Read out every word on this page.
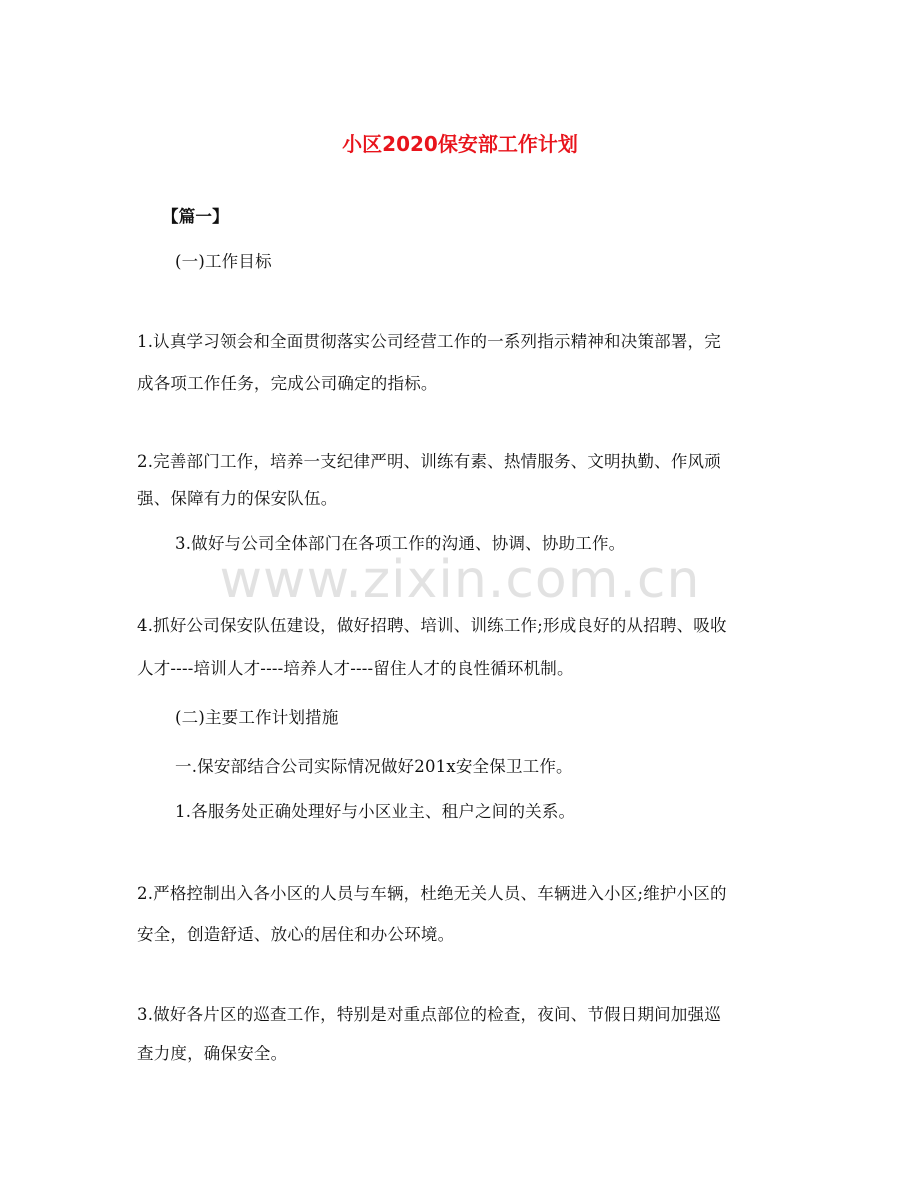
小区2020保安部工作计划
【篇一】
(一)工作目标
1.认真学习领会和全面贯彻落实公司经营工作的一系列指示精神和决策部署，完
成各项工作任务，完成公司确定的指标。
2.完善部门工作，培养一支纪律严明、训练有素、热情服务、文明执勤、作风顽
强、保障有力的保安队伍。
3.做好与公司全体部门在各项工作的沟通、协调、协助工作。
www.zixin.com.cn
4.抓好公司保安队伍建设，做好招聘、培训、训练工作;形成良好的从招聘、吸收
人才----培训人才----培养人才----留住人才的良性循环机制。
(二)主要工作计划措施
一.保安部结合公司实际情况做好201x安全保卫工作。
1.各服务处正确处理好与小区业主、租户之间的关系。
2.严格控制出入各小区的人员与车辆，杜绝无关人员、车辆进入小区;维护小区的
安全，创造舒适、放心的居住和办公环境。
3.做好各片区的巡查工作，特别是对重点部位的检查，夜间、节假日期间加强巡
查力度，确保安全。
